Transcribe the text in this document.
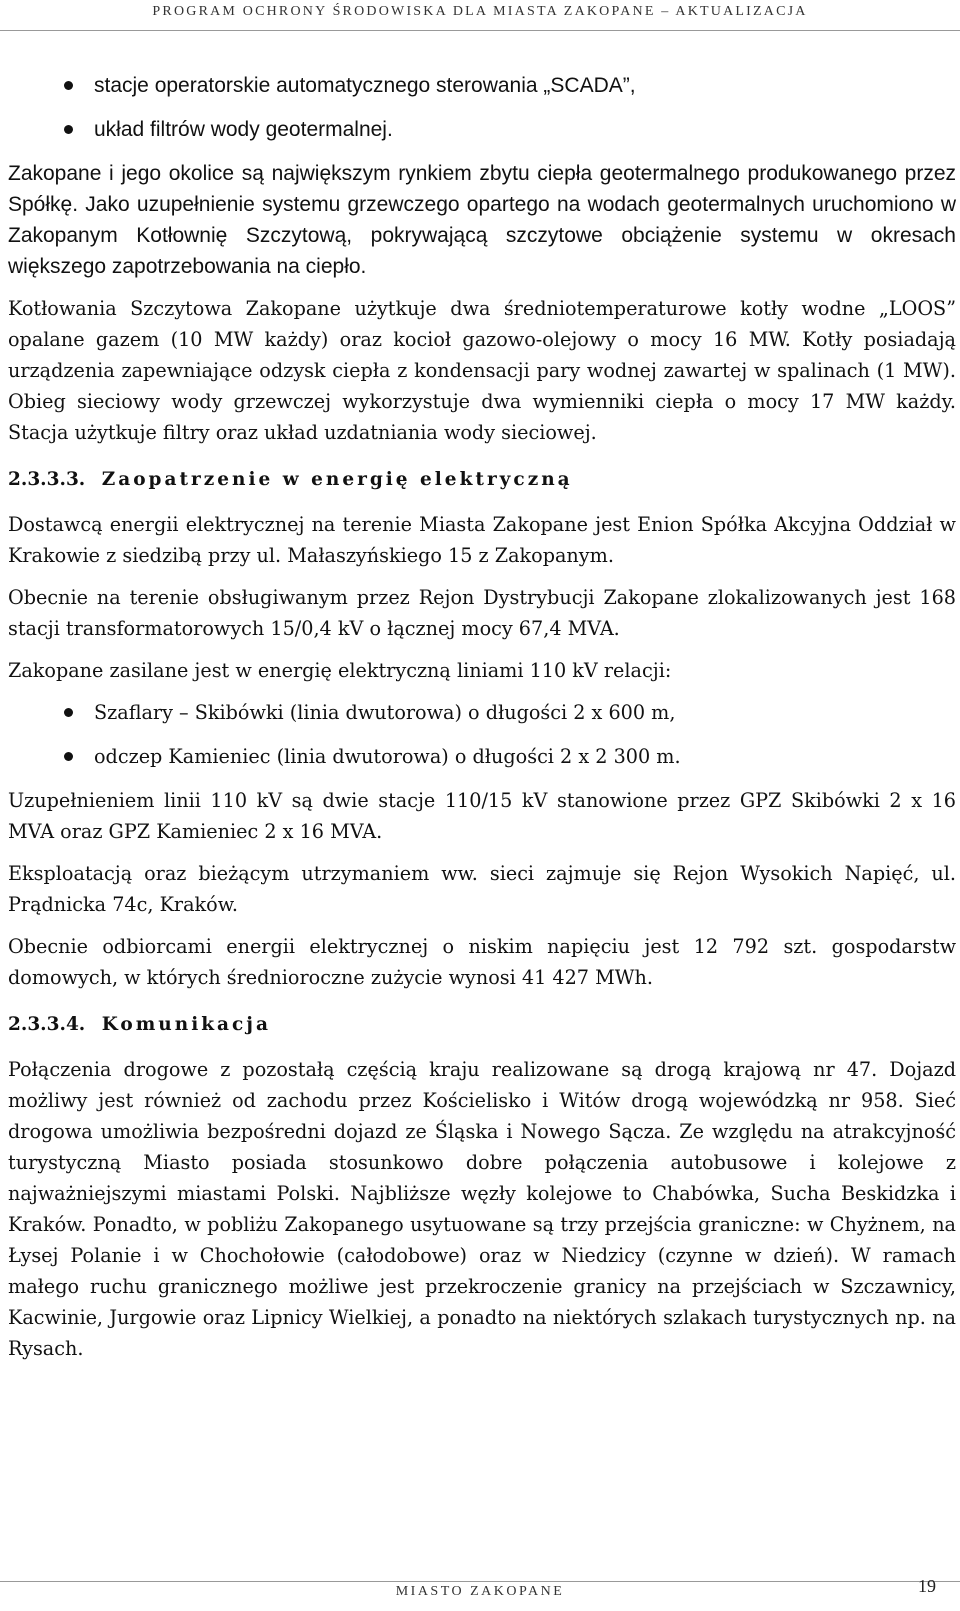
PROGRAM OCHRONY ŚRODOWISKA DLA MIASTA ZAKOPANE – AKTUALIZACJA
stacje operatorskie automatycznego sterowania „SCADA”,
układ filtrów wody geotermalnej.

Zakopane i jego okolice są największym rynkiem zbytu ciepła geotermalnego produkowanego przez Spółkę. Jako uzupełnienie systemu grzewczego opartego na wodach geotermalnych uruchomiono w Zakopanym Kotłownię Szczytową, pokrywającą szczytowe obciążenie systemu w okresach większego zapotrzebowania na ciepło.

Kotłowania Szczytowa Zakopane użytkuje dwa średniotemperaturowe kotły wodne „LOOS” opalane gazem (10 MW każdy) oraz kocioł gazowo-olejowy o mocy 16 MW. Kotły posiadają urządzenia zapewniające odzysk ciepła z kondensacji pary wodnej zawartej w spalinach (1 MW). Obieg sieciowy wody grzewczej wykorzystuje dwa wymienniki ciepła o mocy 17 MW każdy. Stacja użytkuje filtry oraz układ uzdatniania wody sieciowej.

2.3.3.3. Zaopatrzenie w energię elektryczną

Dostawcą energii elektrycznej na terenie Miasta Zakopane jest Enion Spółka Akcyjna Oddział w Krakowie z siedzibą przy ul. Małaszyńskiego 15 z Zakopanym.

Obecnie na terenie obsługiwanym przez Rejon Dystrybucji Zakopane zlokalizowanych jest 168 stacji transformatorowych 15/0,4 kV o łącznej mocy 67,4 MVA.

Zakopane zasilane jest w energię elektryczną liniami 110 kV relacji:

Szaflary – Skibówki (linia dwutorowa) o długości 2 x 600 m,
odczep Kamieniec (linia dwutorowa) o długości 2 x 2 300 m.

Uzupełnieniem linii 110 kV są dwie stacje 110/15 kV stanowione przez GPZ Skibówki 2 x 16 MVA oraz GPZ Kamieniec 2 x 16 MVA.

Eksploatacją oraz bieżącym utrzymaniem ww. sieci zajmuje się Rejon Wysokich Napięć, ul. Prądnicka 74c, Kraków.

Obecnie odbiorcami energii elektrycznej o niskim napięciu jest 12 792 szt. gospodarstw domowych, w których średnioroczne zużycie wynosi 41 427 MWh.

2.3.3.4. Komunikacja

Połączenia drogowe z pozostałą częścią kraju realizowane są drogą krajową nr 47. Dojazd możliwy jest również od zachodu przez Kościelisko i Witów drogą wojewódzką nr 958. Sieć drogowa umożliwia bezpośredni dojazd ze Śląska i Nowego Sącza. Ze względu na atrakcyjność turystyczną Miasto posiada stosunkowo dobre połączenia autobusowe i kolejowe z najważniejszymi miastami Polski. Najbliższe węzły kolejowe to Chabówka, Sucha Beskidzka i Kraków. Ponadto, w pobliżu Zakopanego usytuowane są trzy przejścia graniczne: w Chyżnem, na Łysej Polanie i w Chochołowie (całodobowe) oraz w Niedzicy (czynne w dzień). W ramach małego ruchu granicznego możliwe jest przekroczenie granicy na przejściach w Szczawnicy, Kacwinie, Jurgowie oraz Lipnicy Wielkiej, a ponadto na niektórych szlakach turystycznych np. na Rysach.

MIASTO ZAKOPANE	19
